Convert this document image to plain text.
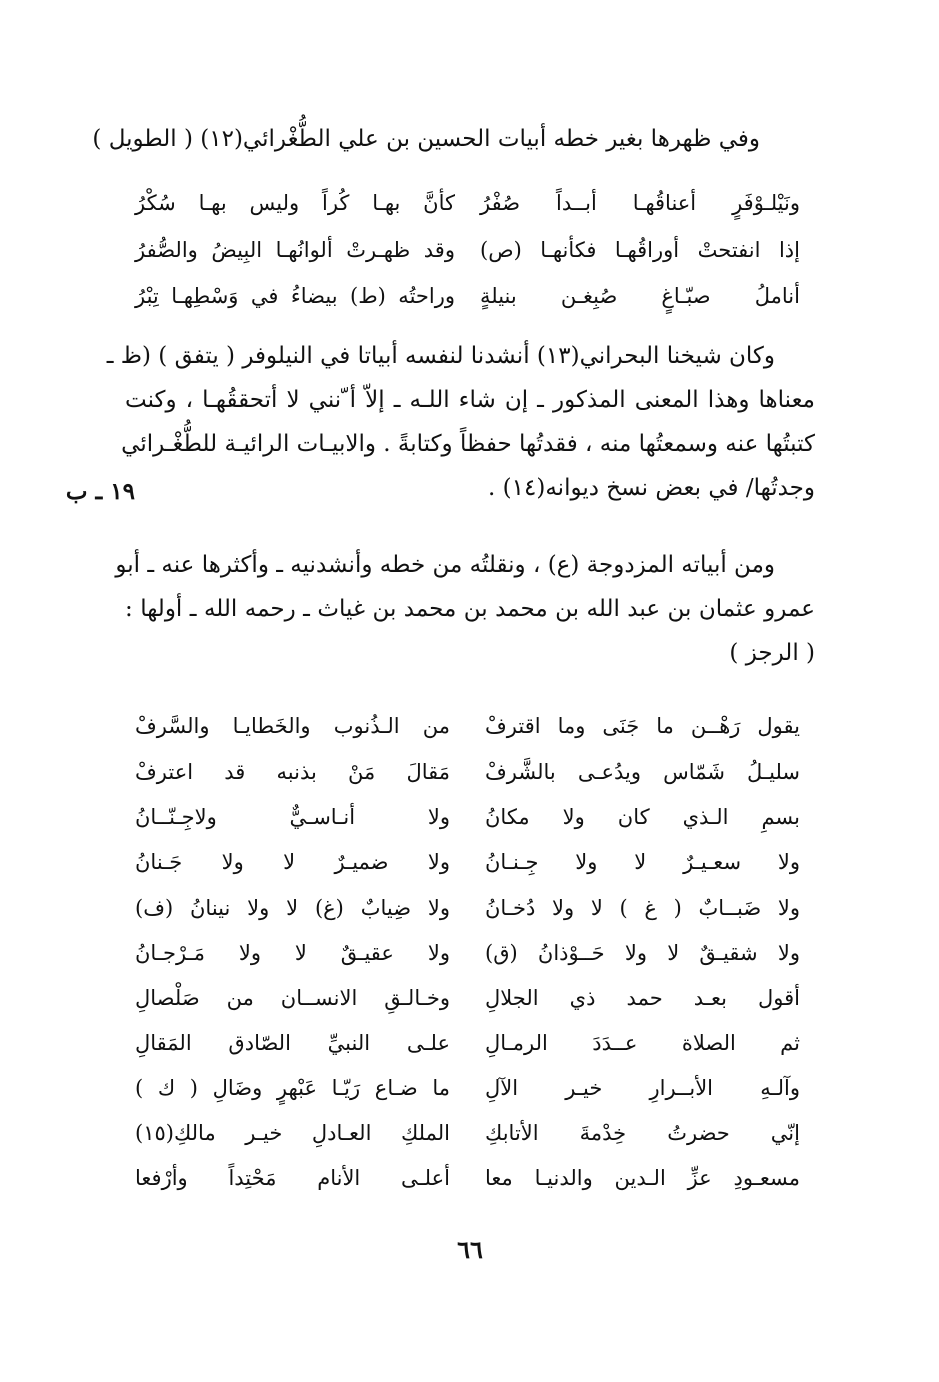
وفي ظهرها بغير خطه أبيات الحسين بن علي الطُّغْرائي(١٢) ( الطويل )
ونَيْلـوْفَرٍ أعناقُهـا أبــداً صُفْرُ
كأنَّ بهـا كُراً وليس بهـا سُكْرُ
إذا انفتحتْ أوراقُهـا فكأنهـا (ص)
وقد ظهـرتْ ألوانُهـا البِيضُ والصُّفرُ
أناملُ صبّـاغٍ صُبِغـن بنيلةٍ
وراحتُه (ط) بيضاءُ في وَسْطِهـا تِبْرُ
وكان شيخنا البحراني(١٣) أنشدنا لنفسه أبياتا في النيلوفر ( يتفق ) (ظ ـ
معناها وهذا المعنى المذكور ـ إن شاء اللـه ـ إلاّ أ ّنني لا أتحققُهـا ، وكنت
كتبتُها عنه وسمعتُها منه ، فقدتُها حفظاً وكتابةً . والابيـات الرائيـة للطُّغْـرائي
وجدتُها/ في بعض نسخ ديوانه(١٤) .
١٩ ـ ب
ومن أبياته المزدوجة (ع) ، ونقلتُه من خطه وأنشدنيه ـ وأكثرها عنه ـ أبو
عمرو عثمان بن عبد الله بن محمد بن محمد بن غياث ـ رحمه الله ـ أولها :
( الرجز )
يقول رَهْــن ما جَنَى وما اقترفْ
من الـذُنوب والخَطايـا والسَّرفْ
سليـلُ شَمّاس ويدُعـى بالشَّرفْ
مَقالَ مَنْ بذنبه قد اعترفْ
بسمِ الـذي كان ولا مكانُ
ولا أنـاسـيٌّ ولاجِـنّــانُ
ولا سعـيـرٌ لا ولا جِـنـانُ
ولا ضميـرٌ لا ولا جَـنانُ
ولا ضَبــابٌ ( غ ) لا ولا دُخـانُ
ولا ضِيابٌ (غ) لا ولا نينانُ (ف)
ولا شقيـقٌ لا ولا حَــوْذانُ (ق)
ولا عقيـقٌ لا ولا مَـرْجـانُ
أقول بعـد حمد ذي الجلالِ
وخـالـقِ الانســان من صَلْصالِ
ثم الصلاة عــدَدَ الرمـالِ
علـى النبيِّ الصّادق المَقالِ
وآلـهِ الأبــرارِ خيـر الآلِ
ما ضـاع رَيّـا عَبْهرٍ وضَالِ ( ك )
إنّي حضرتُ خِدْمةَ الأتابكِ
الملكِ العـادلِ خيـر مالكِ(١٥)
مسعـودِ عزِّ الـدين والدنيـا معا
أعلـى الأنام مَحْتِداً وأرْفعا
٦٦
